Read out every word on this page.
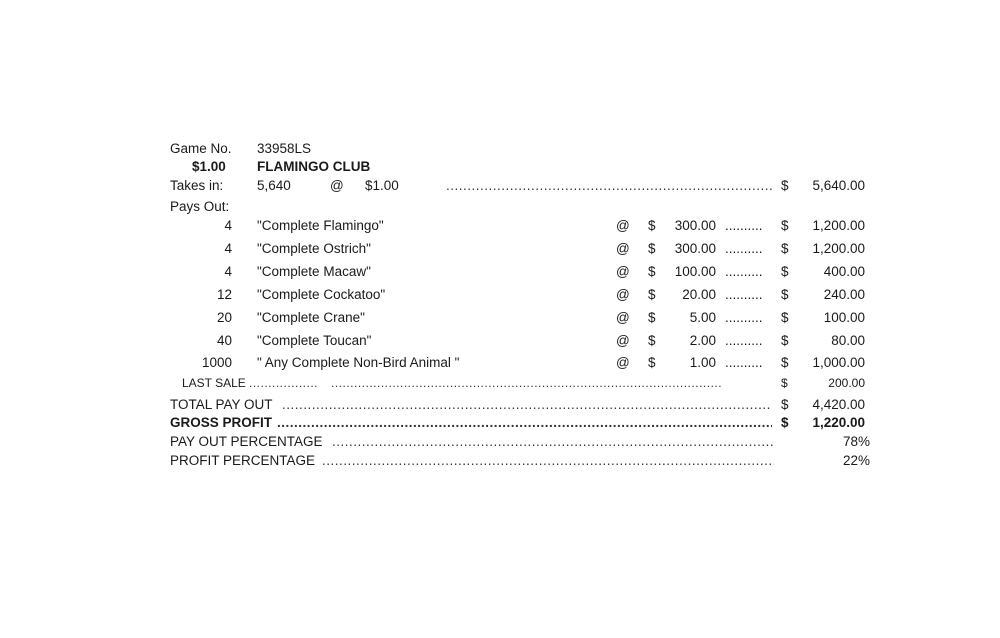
Game No. 33958LS
$1.00 FLAMINGO CLUB
Takes in: 5,640	@ $1.00 .....	$	5,640.00
Pays Out:
4 "Complete Flamingo"	@ $	300.00 .......... $	1,200.00
4 "Complete Ostrich"	@ $	300.00 .......... $	1,200.00
4 "Complete Macaw"	@ $	100.00 .......... $	400.00
12 "Complete Cockatoo"	@ $	20.00 .......... $	240.00
20 "Complete Crane"	@ $	5.00 .......... $	100.00
40 "Complete Toucan"	@ $	2.00 .......... $	80.00
1000 " Any Complete Non-Bird Animal "	@ $	1.00 .......... $	1,000.00
LAST SALE ..... .....	$	200.00
TOTAL PAY OUT .....	$	4,420.00
GROSS PROFIT .....	$	1,220.00
PAY OUT PERCENTAGE .....	78%
PROFIT PERCENTAGE .....	22%
